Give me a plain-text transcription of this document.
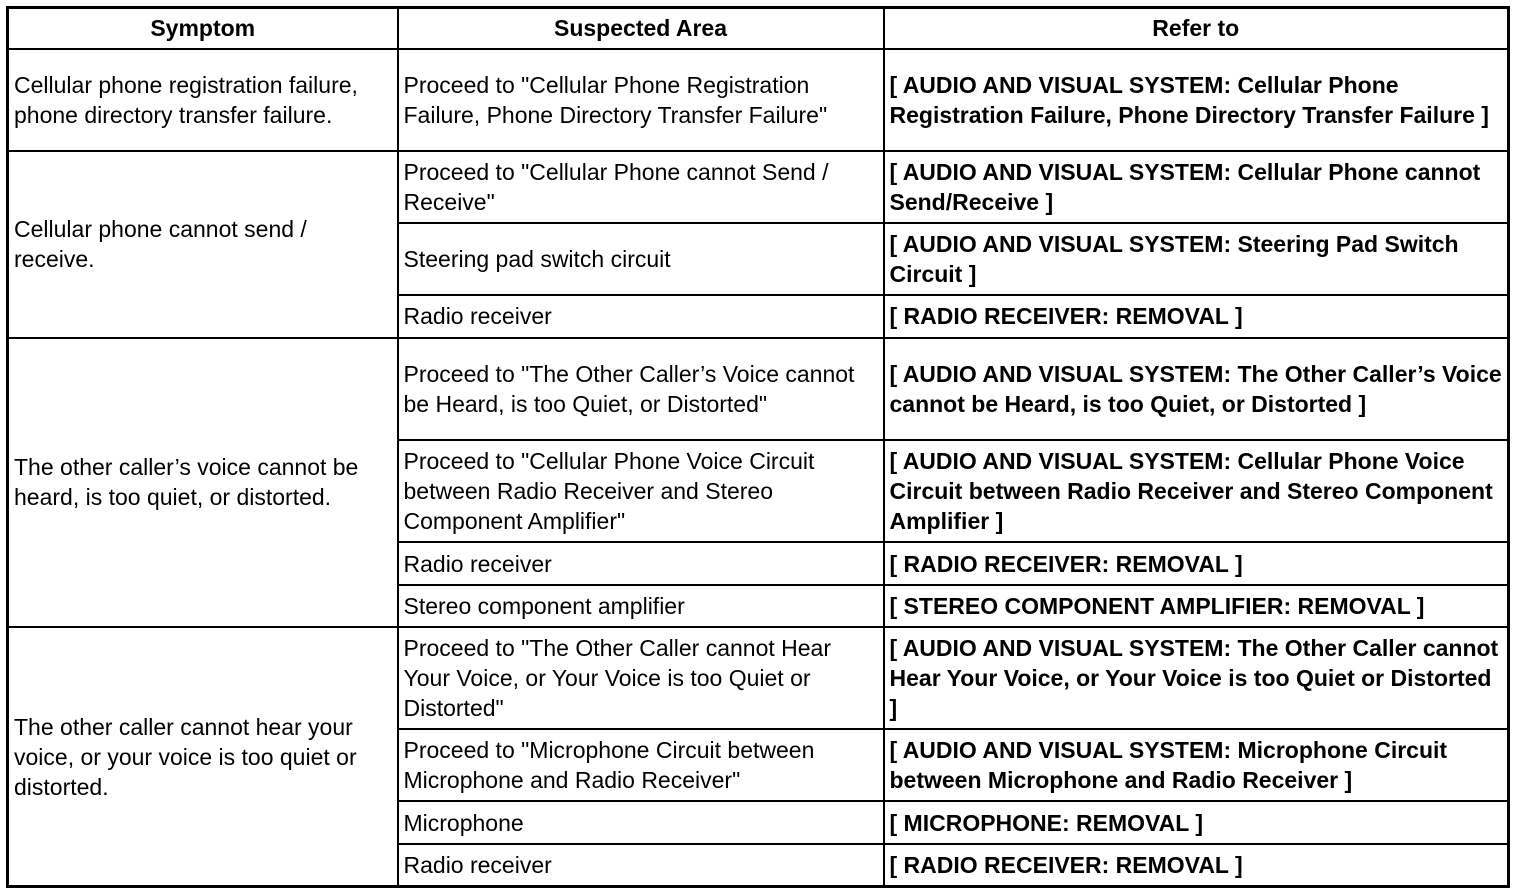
Symptom	Suspected Area	Refer to
Cellular phone registration failure, phone directory transfer failure.	Proceed to "Cellular Phone Registration Failure, Phone Directory Transfer Failure"	[ AUDIO AND VISUAL SYSTEM: Cellular Phone Registration Failure, Phone Directory Transfer Failure ]
Cellular phone cannot send / receive.	Proceed to "Cellular Phone cannot Send / Receive"	[ AUDIO AND VISUAL SYSTEM: Cellular Phone cannot Send/Receive ]
	Steering pad switch circuit	[ AUDIO AND VISUAL SYSTEM: Steering Pad Switch Circuit ]
	Radio receiver	[ RADIO RECEIVER: REMOVAL ]
The other caller’s voice cannot be heard, is too quiet, or distorted.	Proceed to "The Other Caller’s Voice cannot be Heard, is too Quiet, or Distorted"	[ AUDIO AND VISUAL SYSTEM: The Other Caller’s Voice cannot be Heard, is too Quiet, or Distorted ]
	Proceed to "Cellular Phone Voice Circuit between Radio Receiver and Stereo Component Amplifier"	[ AUDIO AND VISUAL SYSTEM: Cellular Phone Voice Circuit between Radio Receiver and Stereo Component Amplifier ]
	Radio receiver	[ RADIO RECEIVER: REMOVAL ]
	Stereo component amplifier	[ STEREO COMPONENT AMPLIFIER: REMOVAL ]
The other caller cannot hear your voice, or your voice is too quiet or distorted.	Proceed to "The Other Caller cannot Hear Your Voice, or Your Voice is too Quiet or Distorted"	[ AUDIO AND VISUAL SYSTEM: The Other Caller cannot Hear Your Voice, or Your Voice is too Quiet or Distorted ]
	Proceed to "Microphone Circuit between Microphone and Radio Receiver"	[ AUDIO AND VISUAL SYSTEM: Microphone Circuit between Microphone and Radio Receiver ]
	Microphone	[ MICROPHONE: REMOVAL ]
	Radio receiver	[ RADIO RECEIVER: REMOVAL ]
